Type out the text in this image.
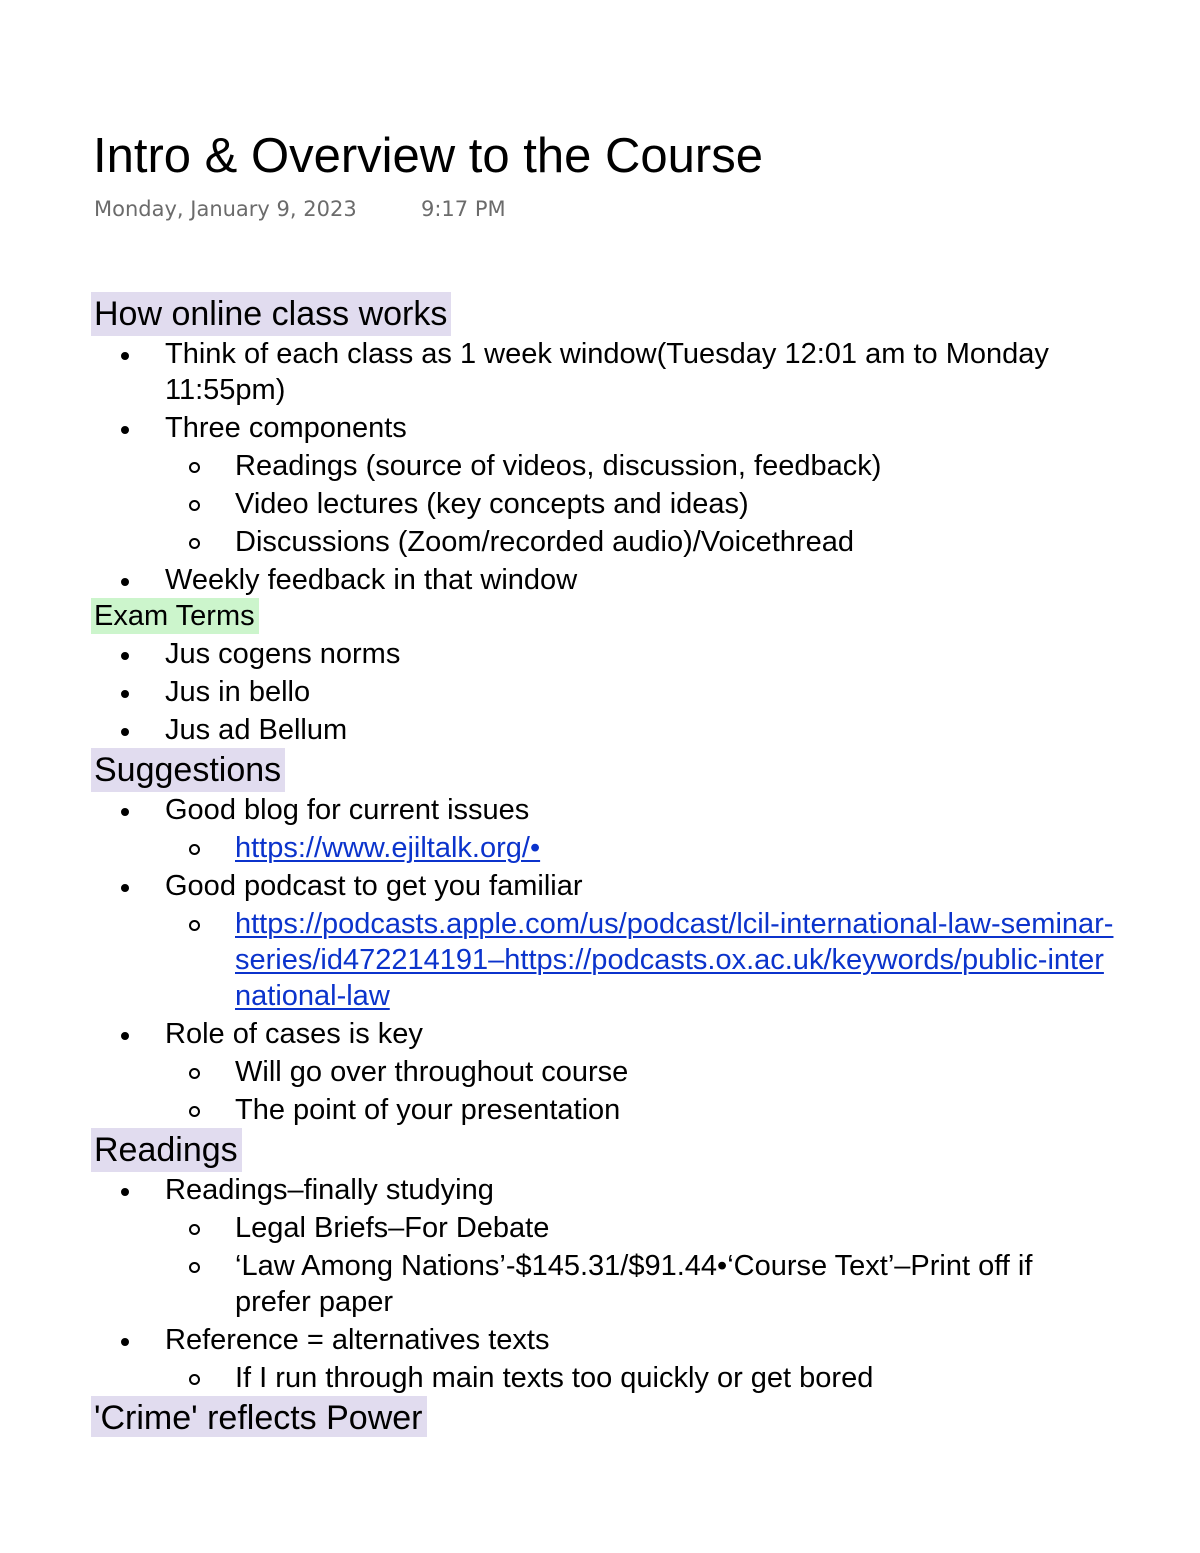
Intro & Overview to the Course
Monday, January 9, 2023	9:17 PM
How online class works
Think of each class as 1 week window(Tuesday 12:01 am to Monday 11:55pm)
Three components
Readings (source of videos, discussion, feedback)
Video lectures (key concepts and ideas)
Discussions (Zoom/recorded audio)/Voicethread
Weekly feedback in that window
Exam Terms
Jus cogens norms
Jus in bello
Jus ad Bellum
Suggestions
Good blog for current issues
https://www.ejiltalk.org/•
Good podcast to get you familiar
https://podcasts.apple.com/us/podcast/lcil-international-law-seminar-series/id472214191–https://podcasts.ox.ac.uk/keywords/public-international-law
Role of cases is key
Will go over throughout course
The point of your presentation
Readings
Readings–finally studying
Legal Briefs–For Debate
‘Law Among Nations’-$145.31/$91.44•‘Course Text’–Print off if prefer paper
Reference = alternatives texts
If I run through main texts too quickly or get bored
'Crime' reflects Power
